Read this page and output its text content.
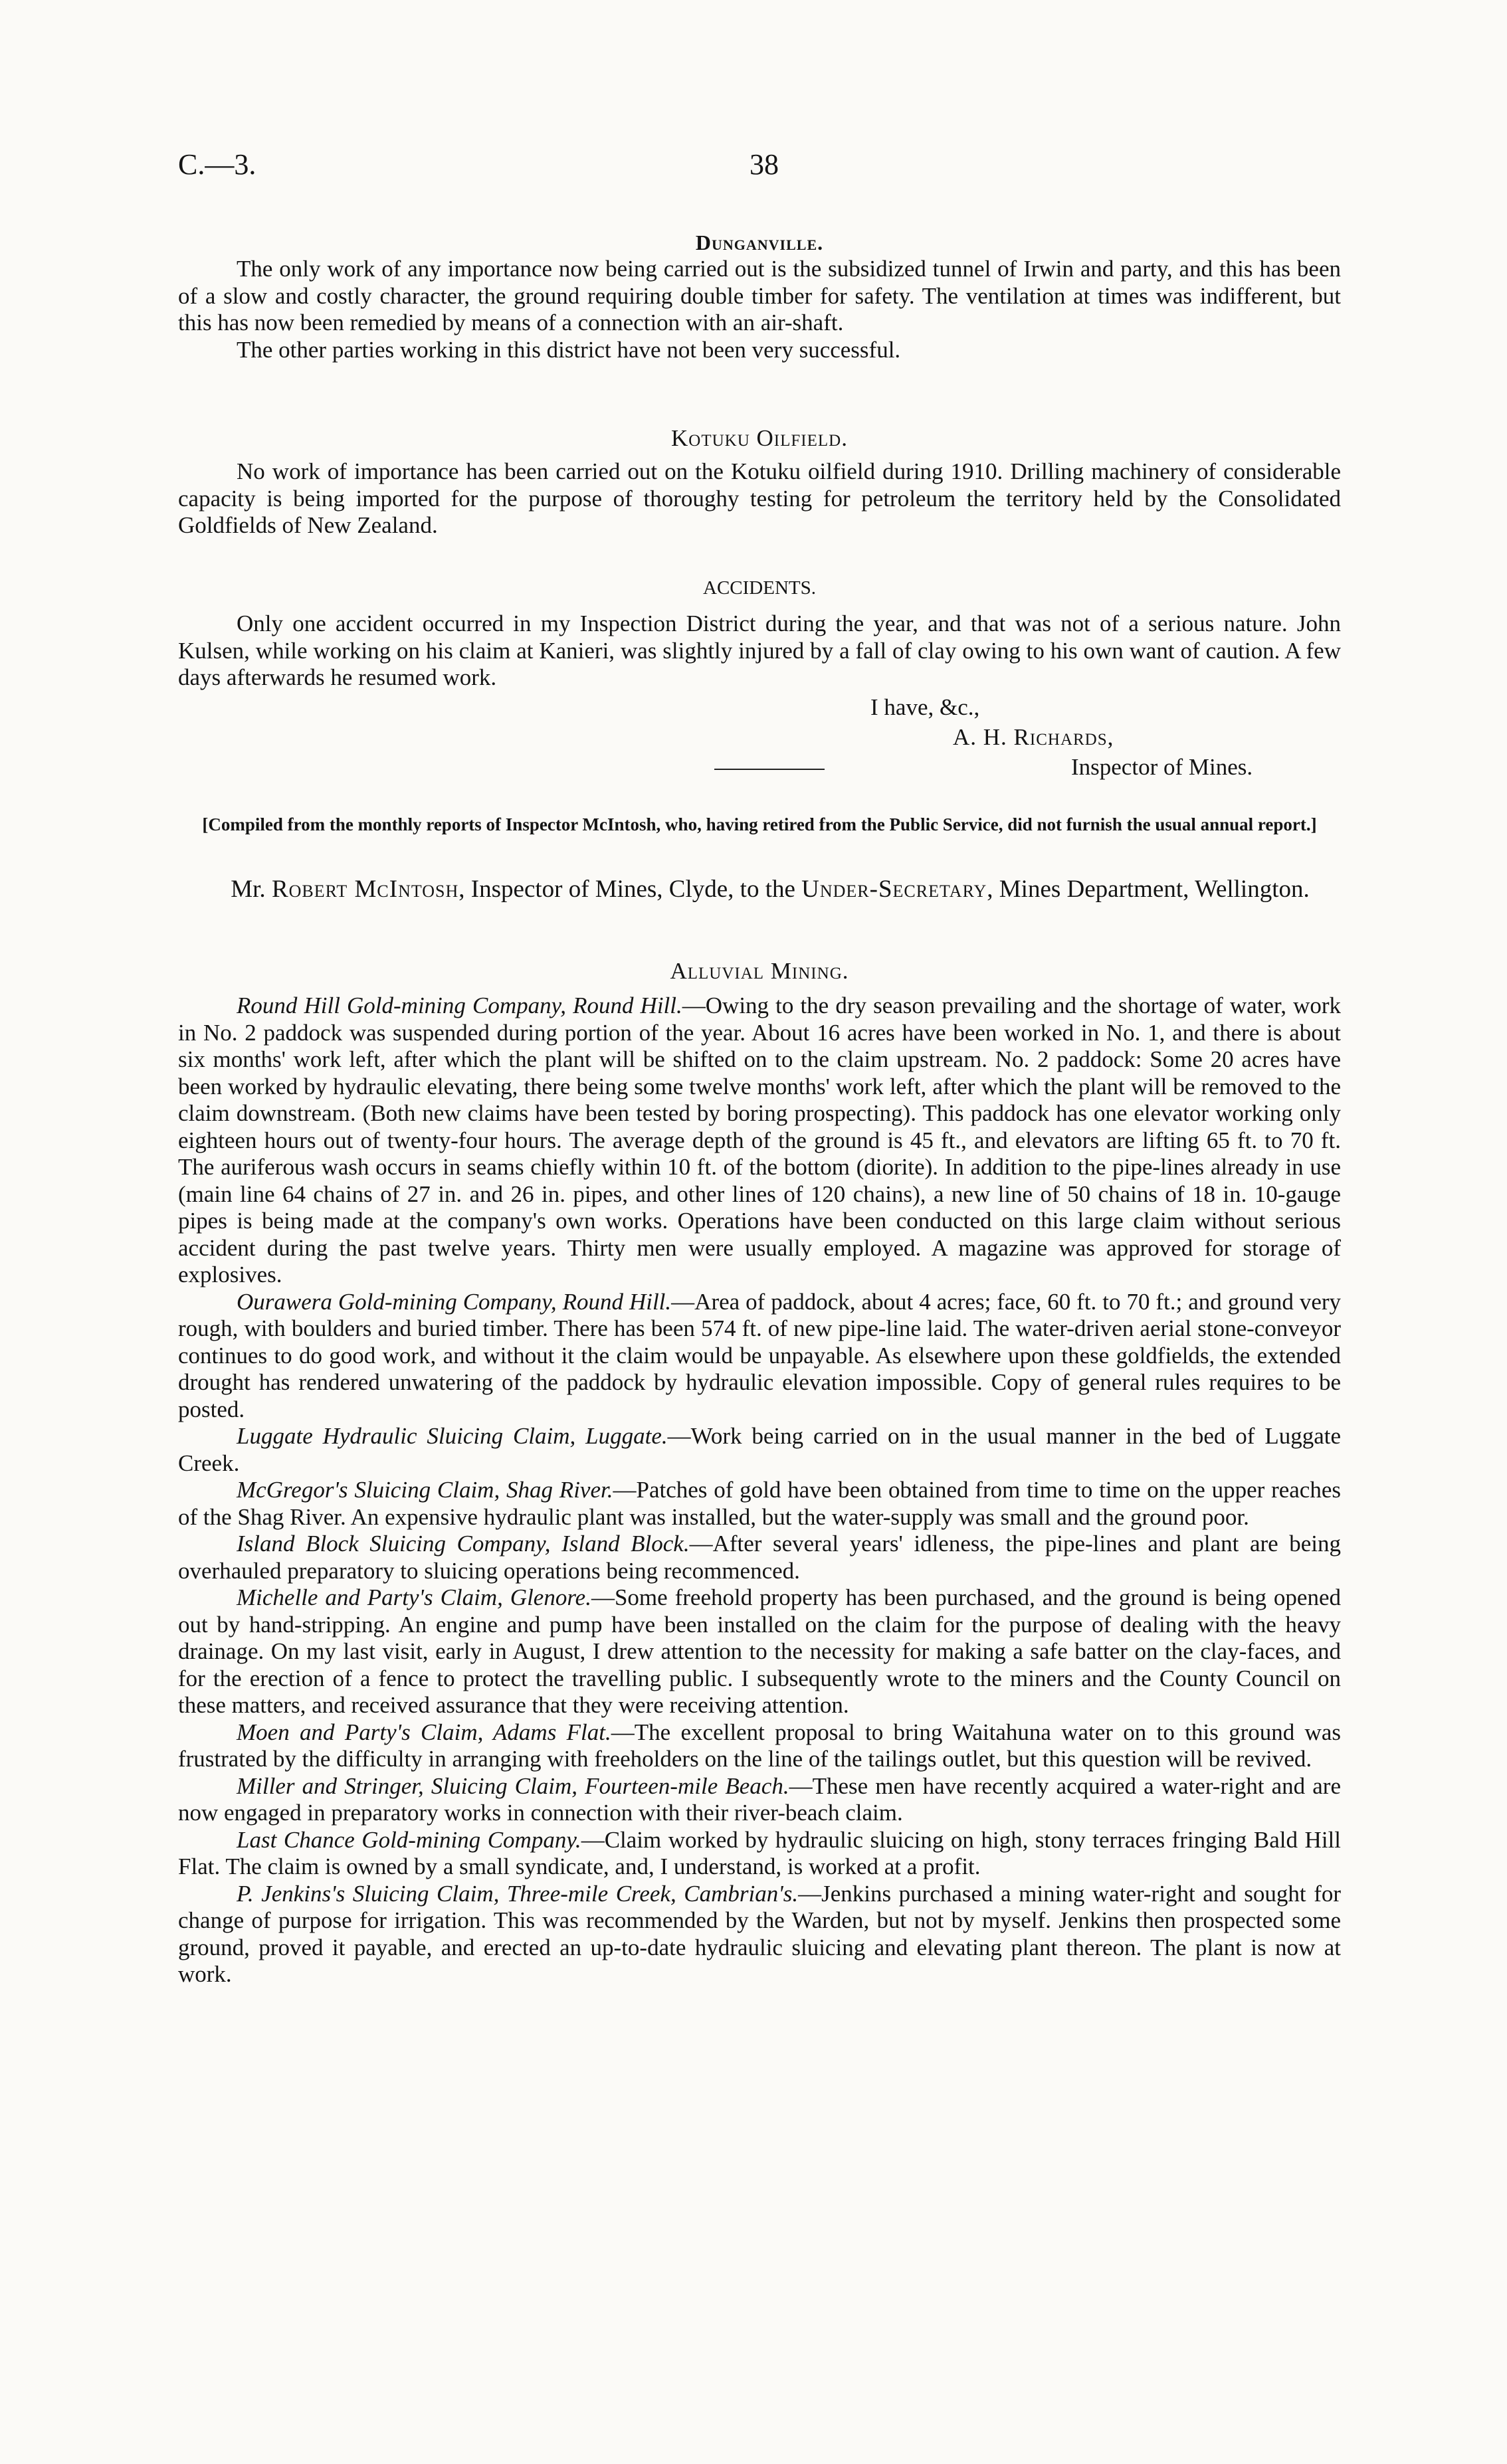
C.—3.	38
Dunganville.

The only work of any importance now being carried out is the subsidized tunnel of Irwin and party, and this has been of a slow and costly character, the ground requiring double timber for safety. The ventilation at times was indifferent, but this has now been remedied by means of a connection with an air-shaft.

The other parties working in this district have not been very successful.

Kotuku Oilfield.

No work of importance has been carried out on the Kotuku oilfield during 1910. Drilling machinery of considerable capacity is being imported for the purpose of thoroughy testing for petroleum the territory held by the Consolidated Goldfields of New Zealand.

ACCIDENTS.

Only one accident occurred in my Inspection District during the year, and that was not of a serious nature. John Kulsen, while working on his claim at Kanieri, was slightly injured by a fall of clay owing to his own want of caution. A few days afterwards he resumed work.

I have, &c.,
A. H. Richards,
Inspector of Mines.
[Compiled from the monthly reports of Inspector McIntosh, who, having retired from the Public Service, did not furnish the usual annual report.]

Mr. Robert McIntosh, Inspector of Mines, Clyde, to the Under-Secretary, Mines Department, Wellington.

Alluvial Mining.

Round Hill Gold-mining Company, Round Hill.—Owing to the dry season prevailing and the shortage of water, work in No. 2 paddock was suspended during portion of the year. About 16 acres have been worked in No. 1, and there is about six months' work left, after which the plant will be shifted on to the claim upstream. No. 2 paddock: Some 20 acres have been worked by hydraulic elevating, there being some twelve months' work left, after which the plant will be removed to the claim downstream. (Both new claims have been tested by boring prospecting). This paddock has one elevator working only eighteen hours out of twenty-four hours. The average depth of the ground is 45 ft., and elevators are lifting 65 ft. to 70 ft. The auriferous wash occurs in seams chiefly within 10 ft. of the bottom (diorite). In addition to the pipe-lines already in use (main line 64 chains of 27 in. and 26 in. pipes, and other lines of 120 chains), a new line of 50 chains of 18 in. 10-gauge pipes is being made at the company's own works. Operations have been conducted on this large claim without serious accident during the past twelve years. Thirty men were usually employed. A magazine was approved for storage of explosives.

Ourawera Gold-mining Company, Round Hill.—Area of paddock, about 4 acres; face, 60 ft. to 70 ft.; and ground very rough, with boulders and buried timber. There has been 574 ft. of new pipe-line laid. The water-driven aerial stone-conveyor continues to do good work, and without it the claim would be unpayable. As elsewhere upon these goldfields, the extended drought has rendered unwatering of the paddock by hydraulic elevation impossible. Copy of general rules requires to be posted.

Luggate Hydraulic Sluicing Claim, Luggate.—Work being carried on in the usual manner in the bed of Luggate Creek.

McGregor's Sluicing Claim, Shag River.—Patches of gold have been obtained from time to time on the upper reaches of the Shag River. An expensive hydraulic plant was installed, but the water-supply was small and the ground poor.

Island Block Sluicing Company, Island Block.—After several years' idleness, the pipe-lines and plant are being overhauled preparatory to sluicing operations being recommenced.

Michelle and Party's Claim, Glenore.—Some freehold property has been purchased, and the ground is being opened out by hand-stripping. An engine and pump have been installed on the claim for the purpose of dealing with the heavy drainage. On my last visit, early in August, I drew attention to the necessity for making a safe batter on the clay-faces, and for the erection of a fence to protect the travelling public. I subsequently wrote to the miners and the County Council on these matters, and received assurance that they were receiving attention.

Moen and Party's Claim, Adams Flat.—The excellent proposal to bring Waitahuna water on to this ground was frustrated by the difficulty in arranging with freeholders on the line of the tailings outlet, but this question will be revived.

Miller and Stringer, Sluicing Claim, Fourteen-mile Beach.—These men have recently acquired a water-right and are now engaged in preparatory works in connection with their river-beach claim.

Last Chance Gold-mining Company.—Claim worked by hydraulic sluicing on high, stony terraces fringing Bald Hill Flat. The claim is owned by a small syndicate, and, I understand, is worked at a profit.

P. Jenkins's Sluicing Claim, Three-mile Creek, Cambrian's.—Jenkins purchased a mining water-right and sought for change of purpose for irrigation. This was recommended by the Warden, but not by myself. Jenkins then prospected some ground, proved it payable, and erected an up-to-date hydraulic sluicing and elevating plant thereon. The plant is now at work.
